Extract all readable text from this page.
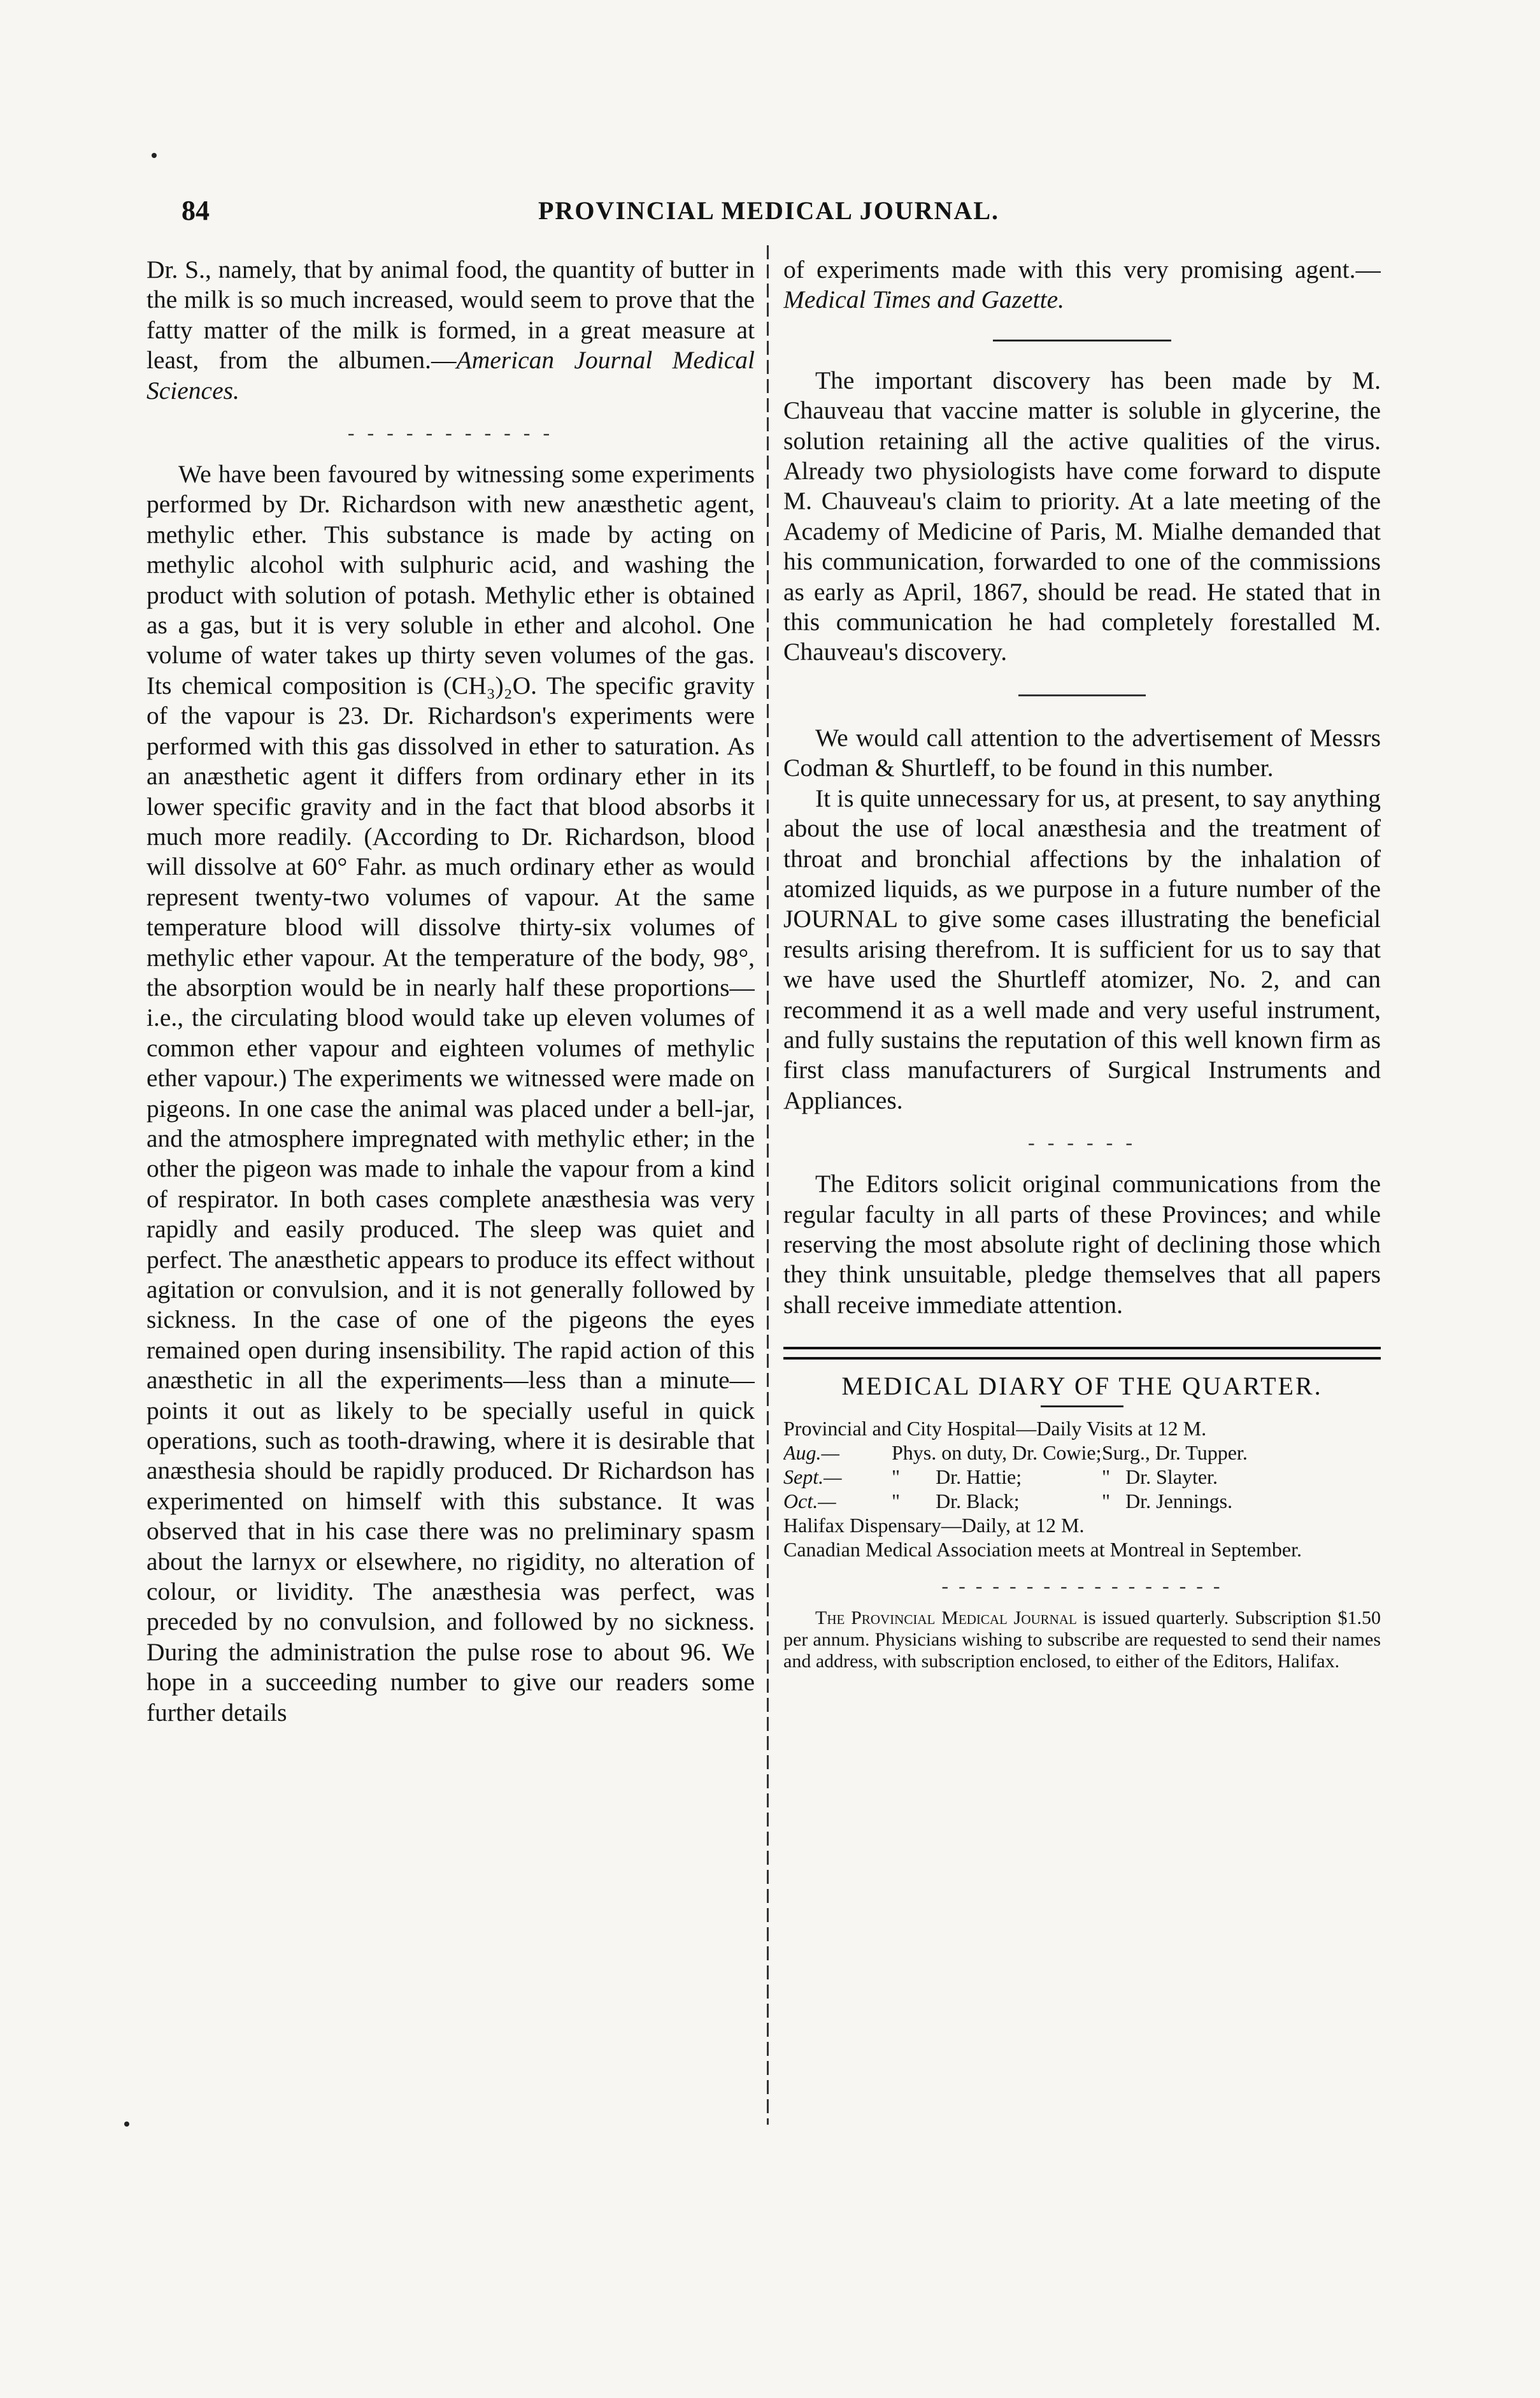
84	PROVINCIAL MEDICAL JOURNAL.

Dr. S., namely, that by animal food, the quantity of butter in the milk is so much increased, would seem to prove that the fatty matter of the milk is formed, in a great measure at least, from the albumen.—American Journal Medical Sciences.

- - - - - - - - - - -

We have been favoured by witnessing some experiments performed by Dr. Richardson with new anæsthetic agent, methylic ether. This substance is made by acting on methylic alcohol with sulphuric acid, and washing the product with solution of potash. Methylic ether is obtained as a gas, but it is very soluble in ether and alcohol. One volume of water takes up thirty seven volumes of the gas. Its chemical composition is (CH₃)₂O. The specific gravity of the vapour is 23. Dr. Richardson's experiments were performed with this gas dissolved in ether to saturation. As an anæsthetic agent it differs from ordinary ether in its lower specific gravity and in the fact that blood absorbs it much more readily. (According to Dr. Richardson, blood will dissolve at 60° Fahr. as much ordinary ether as would represent twenty-two volumes of vapour. At the same temperature blood will dissolve thirty-six volumes of methylic ether vapour. At the temperature of the body, 98°, the absorption would be in nearly half these proportions—i.e., the circulating blood would take up eleven volumes of common ether vapour and eighteen volumes of methylic ether vapour.) The experiments we witnessed were made on pigeons. In one case the animal was placed under a bell-jar, and the atmosphere impregnated with methylic ether; in the other the pigeon was made to inhale the vapour from a kind of respirator. In both cases complete anæsthesia was very rapidly and easily produced. The sleep was quiet and perfect. The anæsthetic appears to produce its effect without agitation or convulsion, and it is not generally followed by sickness. In the case of one of the pigeons the eyes remained open during insensibility. The rapid action of this anæsthetic in all the experiments—less than a minute—points it out as likely to be specially useful in quick operations, such as tooth-drawing, where it is desirable that anæsthesia should be rapidly produced. Dr Richardson has experimented on himself with this substance. It was observed that in his case there was no preliminary spasm about the larnyx or elsewhere, no rigidity, no alteration of colour, or lividity. The anæsthesia was perfect, was preceded by no convulsion, and followed by no sickness. During the administration the pulse rose to about 96. We hope in a succeeding number to give our readers some further details

of experiments made with this very promising agent.—Medical Times and Gazette.

The important discovery has been made by M. Chauveau that vaccine matter is soluble in glycerine, the solution retaining all the active qualities of the virus. Already two physiologists have come forward to dispute M. Chauveau's claim to priority. At a late meeting of the Academy of Medicine of Paris, M. Mialhe demanded that his communication, forwarded to one of the commissions as early as April, 1867, should be read. He stated that in this communication he had completely forestalled M. Chauveau's discovery.

We would call attention to the advertisement of Messrs Codman & Shurtleff, to be found in this number.

It is quite unnecessary for us, at present, to say anything about the use of local anæsthesia and the treatment of throat and bronchial affections by the inhalation of atomized liquids, as we purpose in a future number of the JOURNAL to give some cases illustrating the beneficial results arising therefrom. It is sufficient for us to say that we have used the Shurtleff atomizer, No. 2, and can recommend it as a well made and very useful instrument, and fully sustains the reputation of this well known firm as first class manufacturers of Surgical Instruments and Appliances.

- - - - - -

The Editors solicit original communications from the regular faculty in all parts of these Provinces; and while reserving the most absolute right of declining those which they think unsuitable, pledge themselves that all papers shall receive immediate attention.

MEDICAL DIARY OF THE QUARTER.
Provincial and City Hospital—Daily Visits at 12 M.
Aug.—	Phys. on duty, Dr. Cowie; Surg., Dr. Tupper.
Sept.—	"       Dr. Hattie;	"   Dr. Slayter.
Oct.—	"       Dr. Black;	"   Dr. Jennings.
Halifax Dispensary—Daily, at 12 M.
Canadian Medical Association meets at Montreal in September.
- - - - - - - - - - - - - - - - -

The Provincial Medical Journal is issued quarterly. Subscription $1.50 per annum. Physicians wishing to subscribe are requested to send their names and address, with subscription enclosed, to either of the Editors, Halifax.
